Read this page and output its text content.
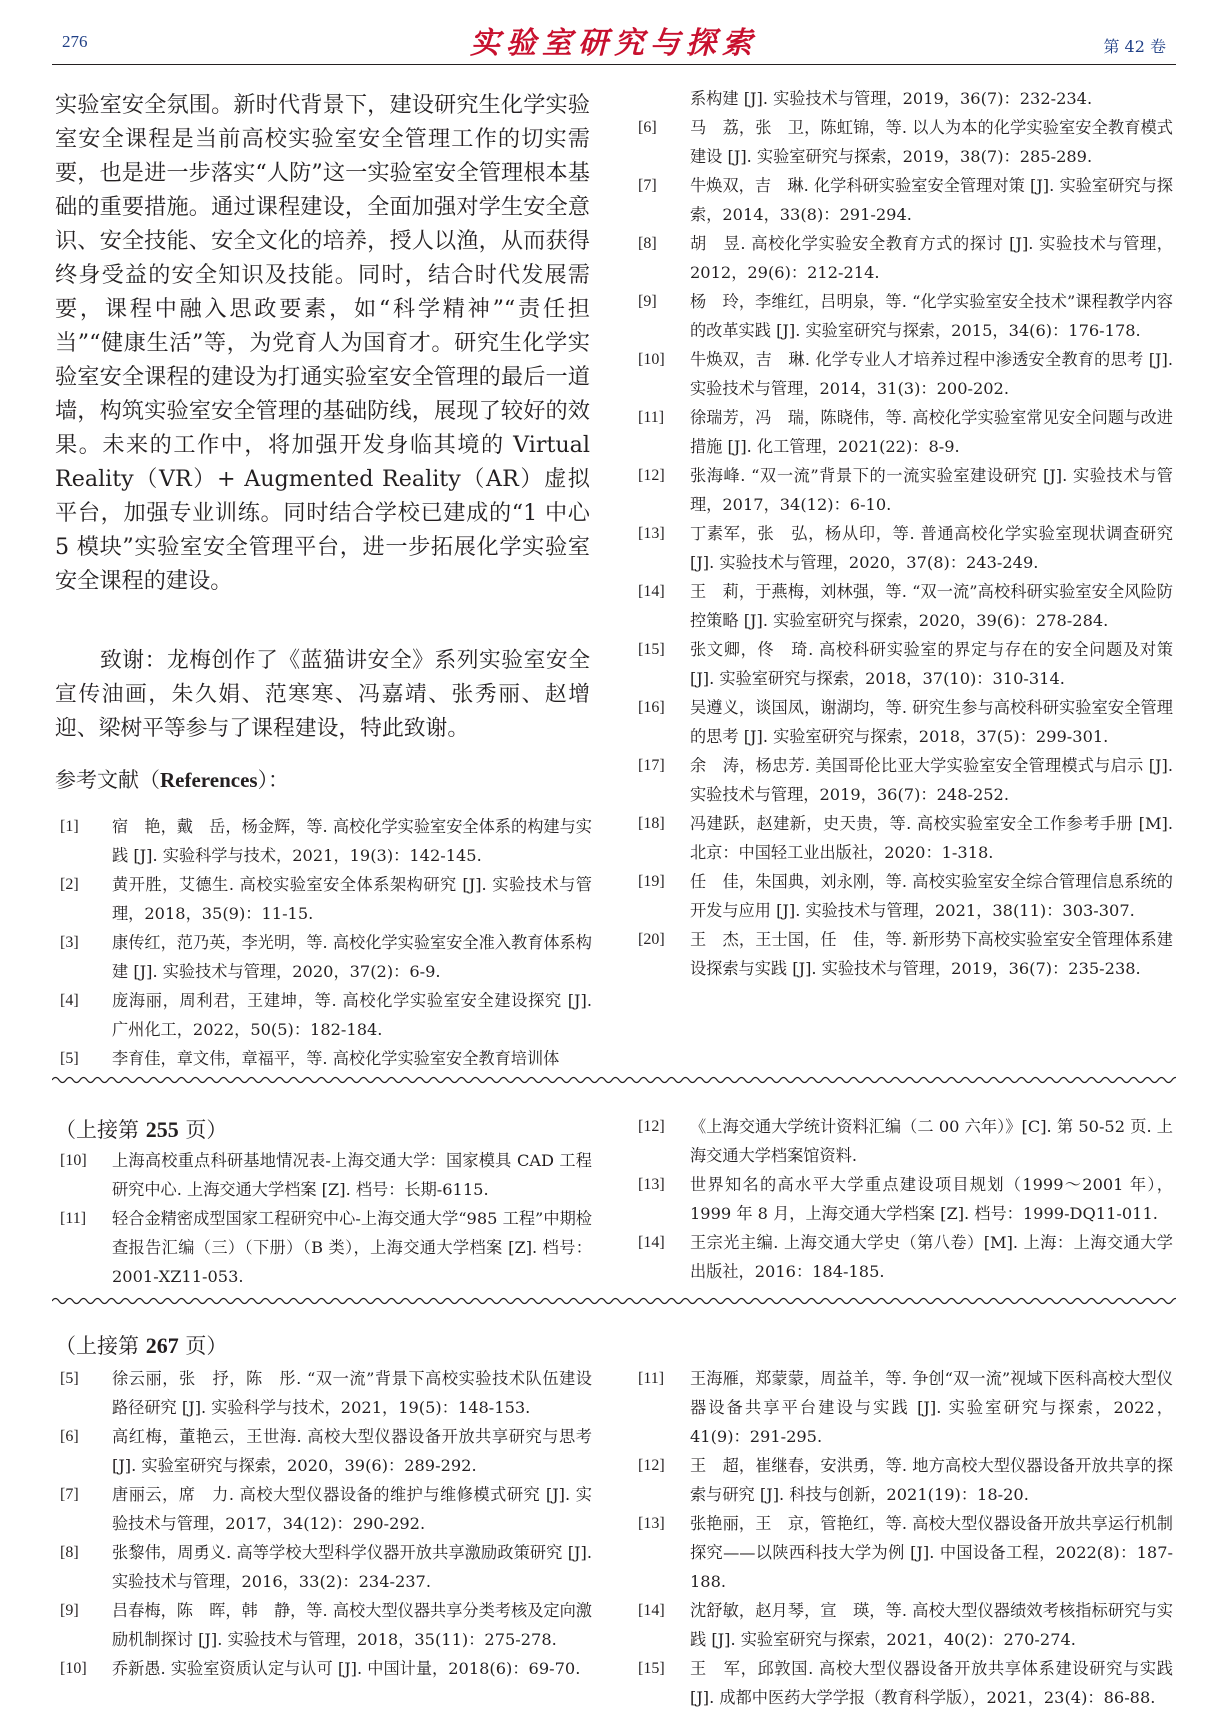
276	实验室研究与探索	第 42 卷
实验室安全氛围。新时代背景下，建设研究生化学实验室安全课程是当前高校实验室安全管理工作的切实需要，也是进一步落实“人防”这一实验室安全管理根本基础的重要措施。通过课程建设，全面加强对学生安全意识、安全技能、安全文化的培养，授人以渔，从而获得终身受益的安全知识及技能。同时，结合时代发展需要，课程中融入思政要素，如“科学精神”“责任担当”“健康生活”等，为党育人为国育才。研究生化学实验室安全课程的建设为打通实验室安全管理的最后一道墙，构筑实验室安全管理的基础防线，展现了较好的效果。未来的工作中，将加强开发身临其境的 Virtual Reality（VR）+ Augmented Reality（AR）虚拟平台，加强专业训练。同时结合学校已建成的“1 中心 5 模块”实验室安全管理平台，进一步拓展化学实验室安全课程的建设。
致谢：龙梅创作了《蓝猫讲安全》系列实验室安全宣传油画，朱久娟、范寒寒、冯嘉靖、张秀丽、赵增迎、梁树平等参与了课程建设，特此致谢。
参考文献（References）：
[1]	宿　艳，戴　岳，杨金辉，等. 高校化学实验室安全体系的构建与实践 [J]. 实验科学与技术，2021，19(3)：142-145.
[2]	黄开胜，艾德生. 高校实验室安全体系架构研究 [J]. 实验技术与管理，2018，35(9)：11-15.
[3]	康传红，范乃英，李光明，等. 高校化学实验室安全准入教育体系构建 [J]. 实验技术与管理，2020，37(2)：6-9.
[4]	庞海丽，周利君，王建坤，等. 高校化学实验室安全建设探究 [J]. 广州化工，2022，50(5)：182-184.
[5]	李育佳，章文伟，章福平，等. 高校化学实验室安全教育培训体
系构建 [J]. 实验技术与管理，2019，36(7)：232-234.
[6]	马　荔，张　卫，陈虹锦，等. 以人为本的化学实验室安全教育模式建设 [J]. 实验室研究与探索，2019，38(7)：285-289.
[7]	牛焕双，吉　琳. 化学科研实验室安全管理对策 [J]. 实验室研究与探索，2014，33(8)：291-294.
[8]	胡　昱. 高校化学实验安全教育方式的探讨 [J]. 实验技术与管理，2012，29(6)：212-214.
[9]	杨　玲，李维红，吕明泉，等. “化学实验室安全技术”课程教学内容的改革实践 [J]. 实验室研究与探索，2015，34(6)：176-178.
[10]	牛焕双，吉　琳. 化学专业人才培养过程中渗透安全教育的思考 [J]. 实验技术与管理，2014，31(3)：200-202.
[11]	徐瑞芳，冯　瑞，陈晓伟，等. 高校化学实验室常见安全问题与改进措施 [J]. 化工管理，2021(22)：8-9.
[12]	张海峰. “双一流”背景下的一流实验室建设研究 [J]. 实验技术与管理，2017，34(12)：6-10.
[13]	丁素军，张　弘，杨从印，等. 普通高校化学实验室现状调查研究 [J]. 实验技术与管理，2020，37(8)：243-249.
[14]	王　莉，于燕梅，刘林强，等. “双一流”高校科研实验室安全风险防控策略 [J]. 实验室研究与探索，2020，39(6)：278-284.
[15]	张文卿，佟　琦. 高校科研实验室的界定与存在的安全问题及对策 [J]. 实验室研究与探索，2018，37(10)：310-314.
[16]	吴遵义，谈国凤，谢湖均，等. 研究生参与高校科研实验室安全管理的思考 [J]. 实验室研究与探索，2018，37(5)：299-301.
[17]	余　涛，杨忠芳. 美国哥伦比亚大学实验室安全管理模式与启示 [J]. 实验技术与管理，2019，36(7)：248-252.
[18]	冯建跃，赵建新，史天贵，等. 高校实验室安全工作参考手册 [M]. 北京：中国轻工业出版社，2020：1-318.
[19]	任　佳，朱国典，刘永刚，等. 高校实验室安全综合管理信息系统的开发与应用 [J]. 实验技术与管理，2021，38(11)：303-307.
[20]	王　杰，王士国，任　佳，等. 新形势下高校实验室安全管理体系建设探索与实践 [J]. 实验技术与管理，2019，36(7)：235-238.
（上接第 255 页）
[10]	上海高校重点科研基地情况表-上海交通大学：国家模具 CAD 工程研究中心. 上海交通大学档案 [Z]. 档号：长期-6115.
[11]	轻合金精密成型国家工程研究中心-上海交通大学“985 工程”中期检查报告汇编（三）（下册）（B 类），上海交通大学档案 [Z]. 档号：2001-XZ11-053.
[12]	《上海交通大学统计资料汇编（二 00 六年）》[C]. 第 50-52 页. 上海交通大学档案馆资料.
[13]	世界知名的高水平大学重点建设项目规划（1999～2001 年），1999 年 8 月，上海交通大学档案 [Z]. 档号：1999-DQ11-011.
[14]	王宗光主编. 上海交通大学史（第八卷）[M]. 上海：上海交通大学出版社，2016：184-185.
（上接第 267 页）
[5]	徐云丽，张　抒，陈　彤. “双一流”背景下高校实验技术队伍建设路径研究 [J]. 实验科学与技术，2021，19(5)：148-153.
[6]	高红梅，董艳云，王世海. 高校大型仪器设备开放共享研究与思考 [J]. 实验室研究与探索，2020，39(6)：289-292.
[7]	唐丽云，席　力. 高校大型仪器设备的维护与维修模式研究 [J]. 实验技术与管理，2017，34(12)：290-292.
[8]	张黎伟，周勇义. 高等学校大型科学仪器开放共享激励政策研究 [J]. 实验技术与管理，2016，33(2)：234-237.
[9]	吕春梅，陈　晖，韩　静，等. 高校大型仪器共享分类考核及定向激励机制探讨 [J]. 实验技术与管理，2018，35(11)：275-278.
[10]	乔新愚. 实验室资质认定与认可 [J]. 中国计量，2018(6)：69-70.
[11]	王海雁，郑蒙蒙，周益羊，等. 争创“双一流”视域下医科高校大型仪器设备共享平台建设与实践 [J]. 实验室研究与探索，2022，41(9)：291-295.
[12]	王　超，崔继春，安洪勇，等. 地方高校大型仪器设备开放共享的探索与研究 [J]. 科技与创新，2021(19)：18-20.
[13]	张艳丽，王　京，管艳红，等. 高校大型仪器设备开放共享运行机制探究——以陕西科技大学为例 [J]. 中国设备工程，2022(8)：187-188.
[14]	沈舒敏，赵月琴，宣　瑛，等. 高校大型仪器绩效考核指标研究与实践 [J]. 实验室研究与探索，2021，40(2)：270-274.
[15]	王　军，邱敦国. 高校大型仪器设备开放共享体系建设研究与实践 [J]. 成都中医药大学学报（教育科学版），2021，23(4)：86-88.
